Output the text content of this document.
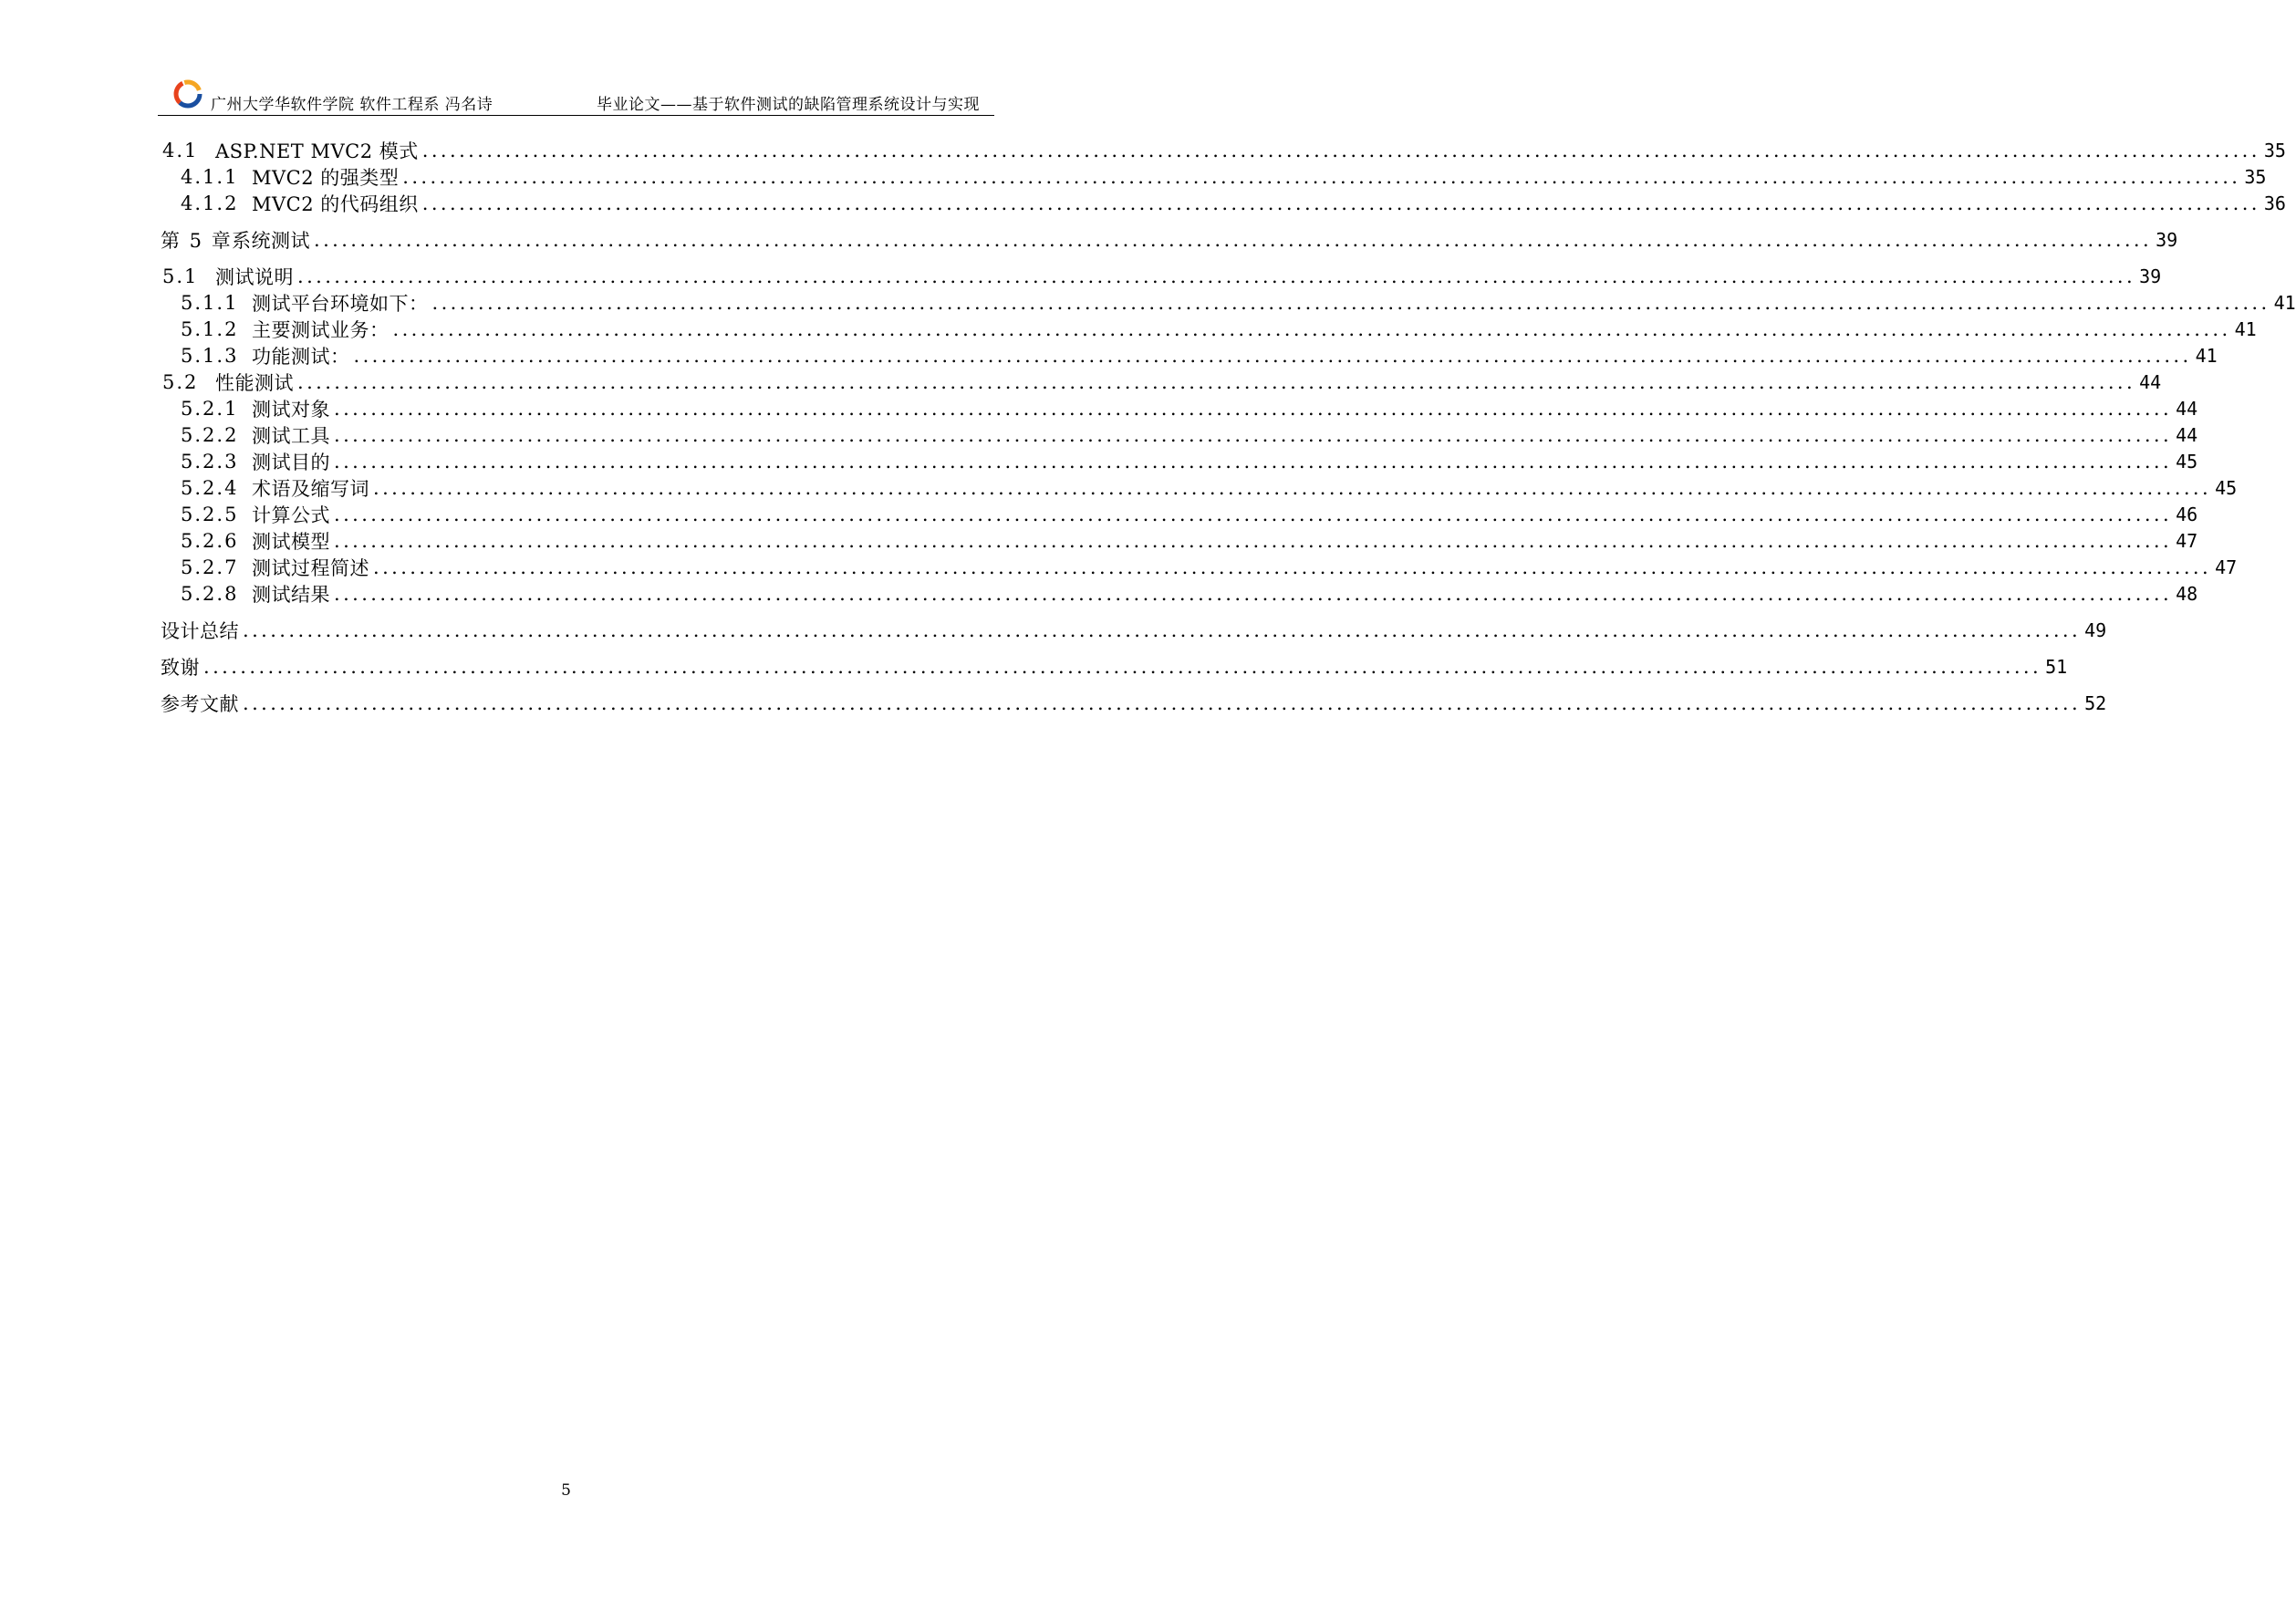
广州大学华软件学院 软件工程系 冯名诗	毕业论文——基于软件测试的缺陷管理系统设计与实现
4.1 ASP.NET MVC2 模式 ........................................................................................................................................................................................................ 35
4.1.1 MVC2 的强类型 ........................................................................................................................................................................................................ 35
4.1.2 MVC2 的代码组织 ........................................................................................................................................................................................................ 36
第 5 章 系统测试 ........................................................................................................................................................................................................ 39
5.1 测试说明 ........................................................................................................................................................................................................ 39
5.1.1 测试平台环境如下： ........................................................................................................................................................................................................ 41
5.1.2 主要测试业务： ........................................................................................................................................................................................................ 41
5.1.3 功能测试： ........................................................................................................................................................................................................ 41
5.2 性能测试 ........................................................................................................................................................................................................ 44
5.2.1 测试对象 ........................................................................................................................................................................................................ 44
5.2.2 测试工具 ........................................................................................................................................................................................................ 44
5.2.3 测试目的 ........................................................................................................................................................................................................ 45
5.2.4 术语及缩写词 ........................................................................................................................................................................................................ 45
5.2.5 计算公式 ........................................................................................................................................................................................................ 46
5.2.6 测试模型 ........................................................................................................................................................................................................ 47
5.2.7 测试过程简述 ........................................................................................................................................................................................................ 47
5.2.8 测试结果 ........................................................................................................................................................................................................ 48
设计总结 ........................................................................................................................................................................................................ 49
致谢 ........................................................................................................................................................................................................ 51
参考文献 ........................................................................................................................................................................................................ 52
5
